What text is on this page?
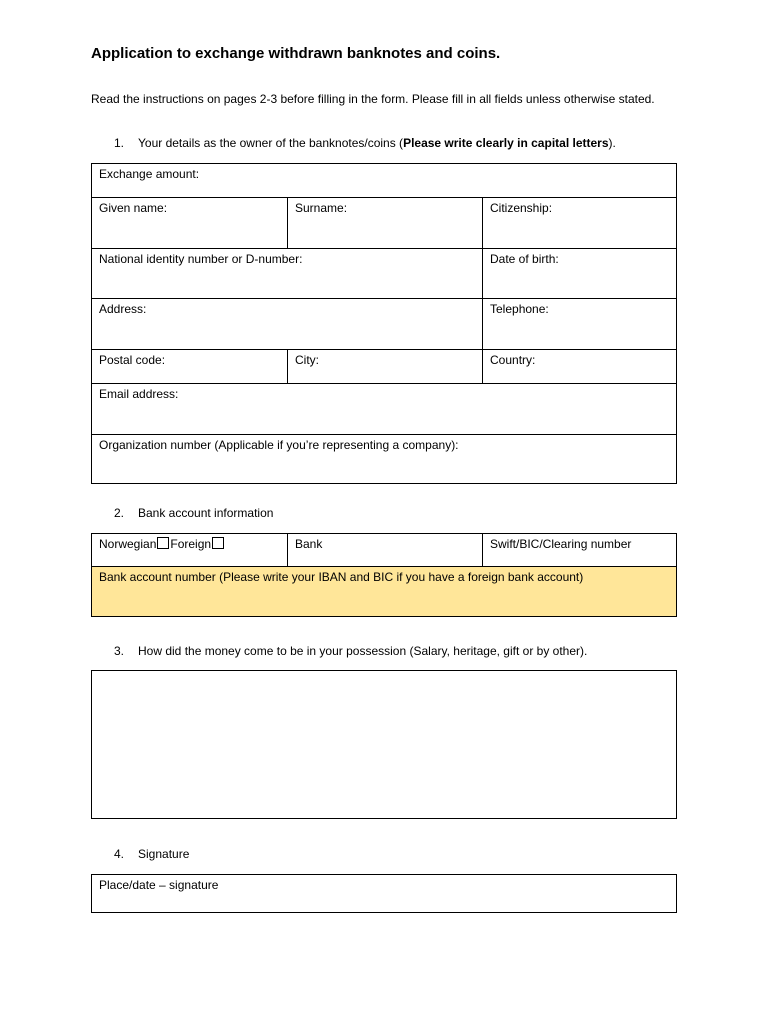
Application to exchange withdrawn banknotes and coins.
Read the instructions on pages 2-3 before filling in the form. Please fill in all fields unless otherwise stated.
1. Your details as the owner of the banknotes/coins (Please write clearly in capital letters).
Exchange amount:
Given name:	Surname:	Citizenship:
National identity number or D-number:	Date of birth:
Address:	Telephone:
Postal code:	City:	Country:
Email address:
Organization number (Applicable if you’re representing a company):
2. Bank account information
Norwegian Foreign	Bank	Swift/BIC/Clearing number
Bank account number (Please write your IBAN and BIC if you have a foreign bank account)
3. How did the money come to be in your possession (Salary, heritage, gift or by other).
4. Signature
Place/date – signature
